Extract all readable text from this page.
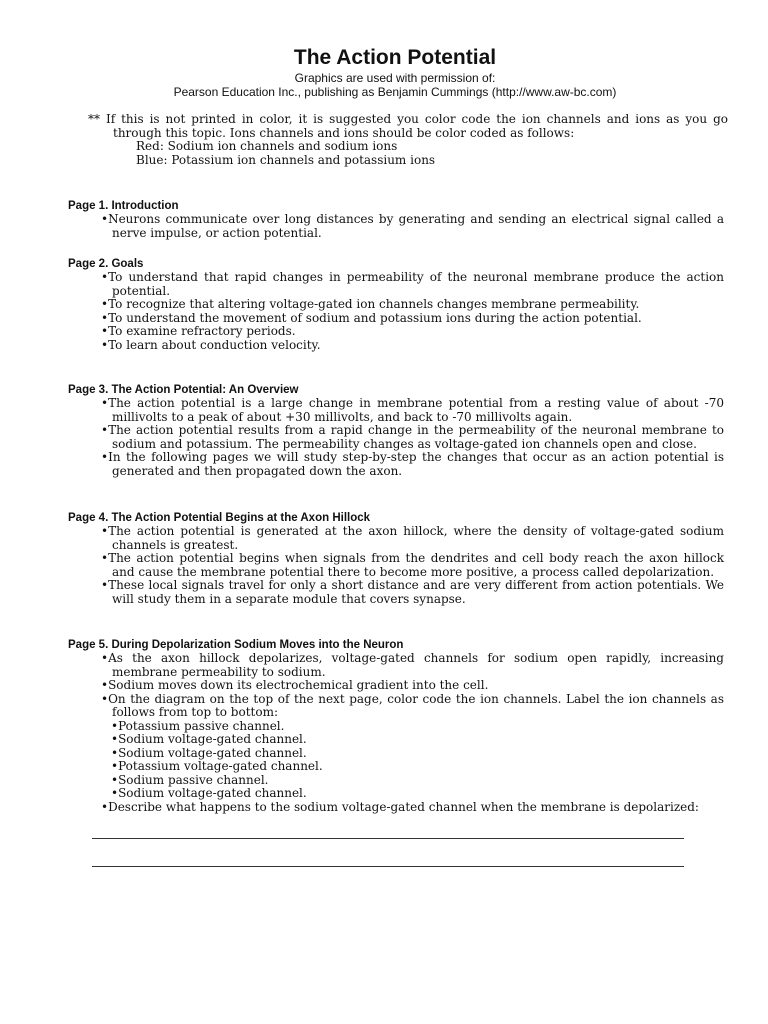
The Action Potential

Graphics are used with permission of:

Pearson Education Inc., publishing as Benjamin Cummings (http://www.aw-bc.com)

** If this is not printed in color, it is suggested you color code the ion channels and ions as you go through this topic. Ions channels and ions should be color coded as follows:

Red: Sodium ion channels and sodium ions

Blue: Potassium ion channels and potassium ions

Page 1. Introduction

• Neurons communicate over long distances by generating and sending an electrical signal called a nerve impulse, or action potential.

Page 2. Goals

• To understand that rapid changes in permeability of the neuronal membrane produce the action potential.
• To recognize that altering voltage-gated ion channels changes membrane permeability.
• To understand the movement of sodium and potassium ions during the action potential.
• To examine refractory periods.
• To learn about conduction velocity.

Page 3. The Action Potential: An Overview

• The action potential is a large change in membrane potential from a resting value of about -70 millivolts to a peak of about +30 millivolts, and back to -70 millivolts again.
• The action potential results from a rapid change in the permeability of the neuronal membrane to sodium and potassium. The permeability changes as voltage-gated ion channels open and close.
• In the following pages we will study step-by-step the changes that occur as an action potential is generated and then propagated down the axon.

Page 4. The Action Potential Begins at the Axon Hillock

• The action potential is generated at the axon hillock, where the density of voltage-gated sodium channels is greatest.
• The action potential begins when signals from the dendrites and cell body reach the axon hillock and cause the membrane potential there to become more positive, a process called depolarization.
• These local signals travel for only a short distance and are very different from action potentials. We will study them in a separate module that covers synapse.

Page 5. During Depolarization Sodium Moves into the Neuron

• As the axon hillock depolarizes, voltage-gated channels for sodium open rapidly, increasing membrane permeability to sodium.
• Sodium moves down its electrochemical gradient into the cell.
• On the diagram on the top of the next page, color code the ion channels. Label the ion channels as follows from top to bottom:
• Potassium passive channel.
• Sodium voltage-gated channel.
• Sodium voltage-gated channel.
• Potassium voltage-gated channel.
• Sodium passive channel.
• Sodium voltage-gated channel.
• Describe what happens to the sodium voltage-gated channel when the membrane is depolarized:
